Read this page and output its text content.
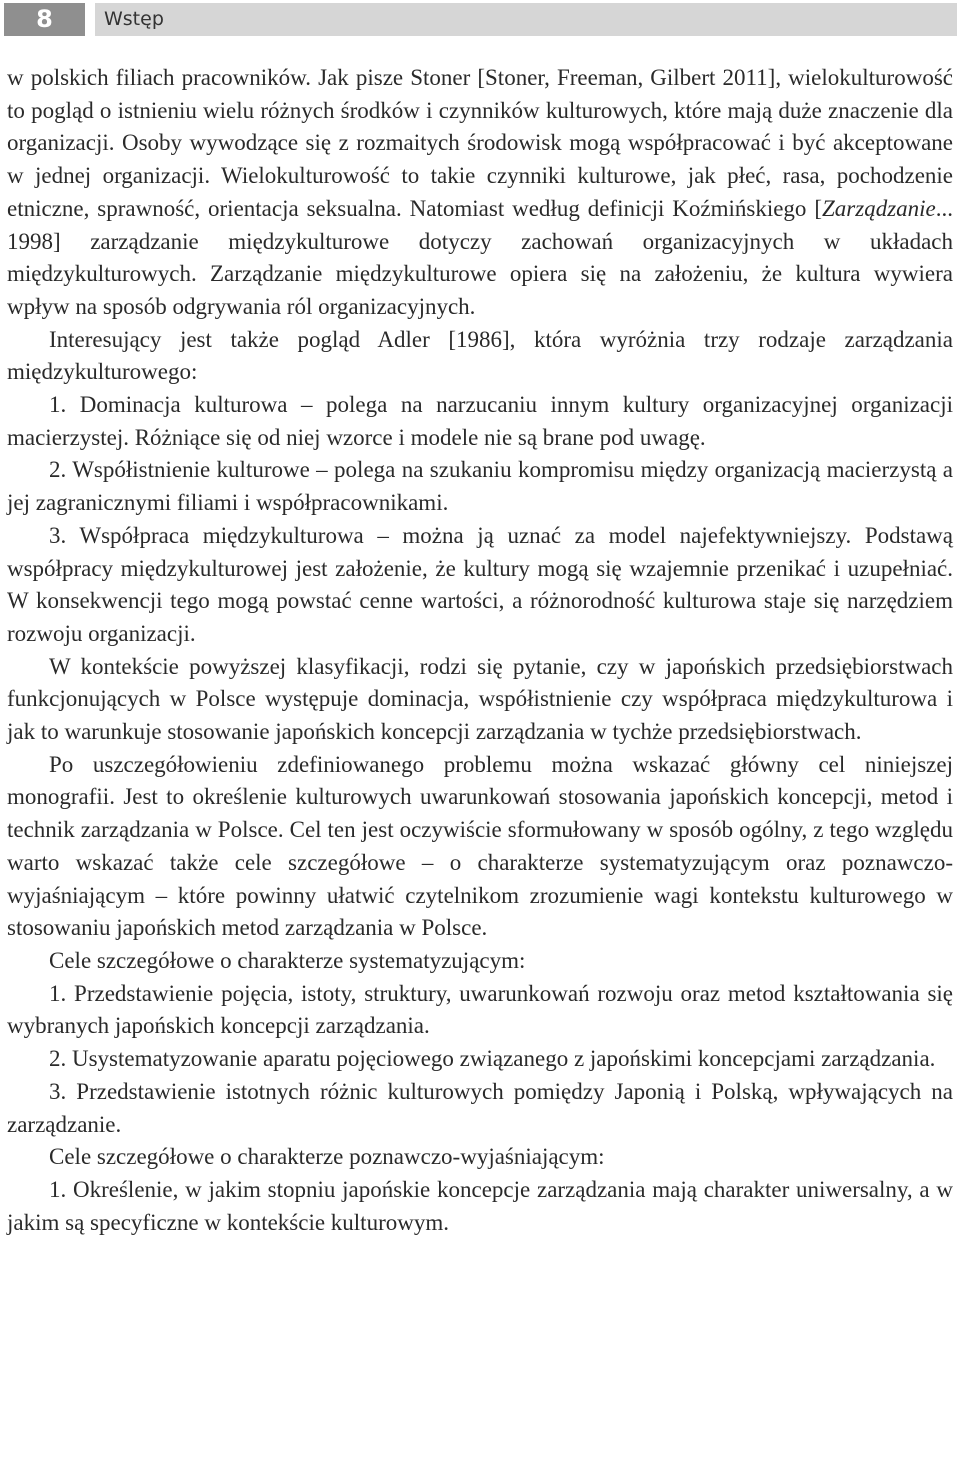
8	Wstęp

w polskich filiach pracowników. Jak pisze Stoner [Stoner, Freeman, Gilbert 2011], wielokulturowość to pogląd o istnieniu wielu różnych środków i czynników kulturowych, które mają duże znaczenie dla organizacji. Osoby wywodzące się z rozmaitych środowisk mogą współpracować i być akceptowane w jednej organizacji. Wielokulturowość to takie czynniki kulturowe, jak płeć, rasa, pochodzenie etniczne, sprawność, orientacja seksualna. Natomiast według definicji Koźmińskiego [Zarządzanie... 1998] zarządzanie międzykulturowe dotyczy zachowań organizacyjnych w układach międzykulturowych. Zarządzanie międzykulturowe opiera się na założeniu, że kultura wywiera wpływ na sposób odgrywania ról organizacyjnych.

Interesujący jest także pogląd Adler [1986], która wyróżnia trzy rodzaje zarządzania międzykulturowego:

1. Dominacja kulturowa – polega na narzucaniu innym kultury organizacyjnej organizacji macierzystej. Różniące się od niej wzorce i modele nie są brane pod uwagę.

2. Współistnienie kulturowe – polega na szukaniu kompromisu między organizacją macierzystą a jej zagranicznymi filiami i współpracownikami.

3. Współpraca międzykulturowa – można ją uznać za model najefektywniejszy. Podstawą współpracy międzykulturowej jest założenie, że kultury mogą się wzajemnie przenikać i uzupełniać. W konsekwencji tego mogą powstać cenne wartości, a różnorodność kulturowa staje się narzędziem rozwoju organizacji.

W kontekście powyższej klasyfikacji, rodzi się pytanie, czy w japońskich przedsiębiorstwach funkcjonujących w Polsce występuje dominacja, współistnienie czy współpraca międzykulturowa i jak to warunkuje stosowanie japońskich koncepcji zarządzania w tychże przedsiębiorstwach.

Po uszczegółowieniu zdefiniowanego problemu można wskazać główny cel niniejszej monografii. Jest to określenie kulturowych uwarunkowań stosowania japońskich koncepcji, metod i technik zarządzania w Polsce. Cel ten jest oczywiście sformułowany w sposób ogólny, z tego względu warto wskazać także cele szczegółowe – o charakterze systematyzującym oraz poznawczo-wyjaśniającym – które powinny ułatwić czytelnikom zrozumienie wagi kontekstu kulturowego w stosowaniu japońskich metod zarządzania w Polsce.

Cele szczegółowe o charakterze systematyzującym:

1. Przedstawienie pojęcia, istoty, struktury, uwarunkowań rozwoju oraz metod kształtowania się wybranych japońskich koncepcji zarządzania.

2. Usystematyzowanie aparatu pojęciowego związanego z japońskimi koncepcjami zarządzania.

3. Przedstawienie istotnych różnic kulturowych pomiędzy Japonią i Polską, wpływających na zarządzanie.

Cele szczegółowe o charakterze poznawczo-wyjaśniającym:

1. Określenie, w jakim stopniu japońskie koncepcje zarządzania mają charakter uniwersalny, a w jakim są specyficzne w kontekście kulturowym.
